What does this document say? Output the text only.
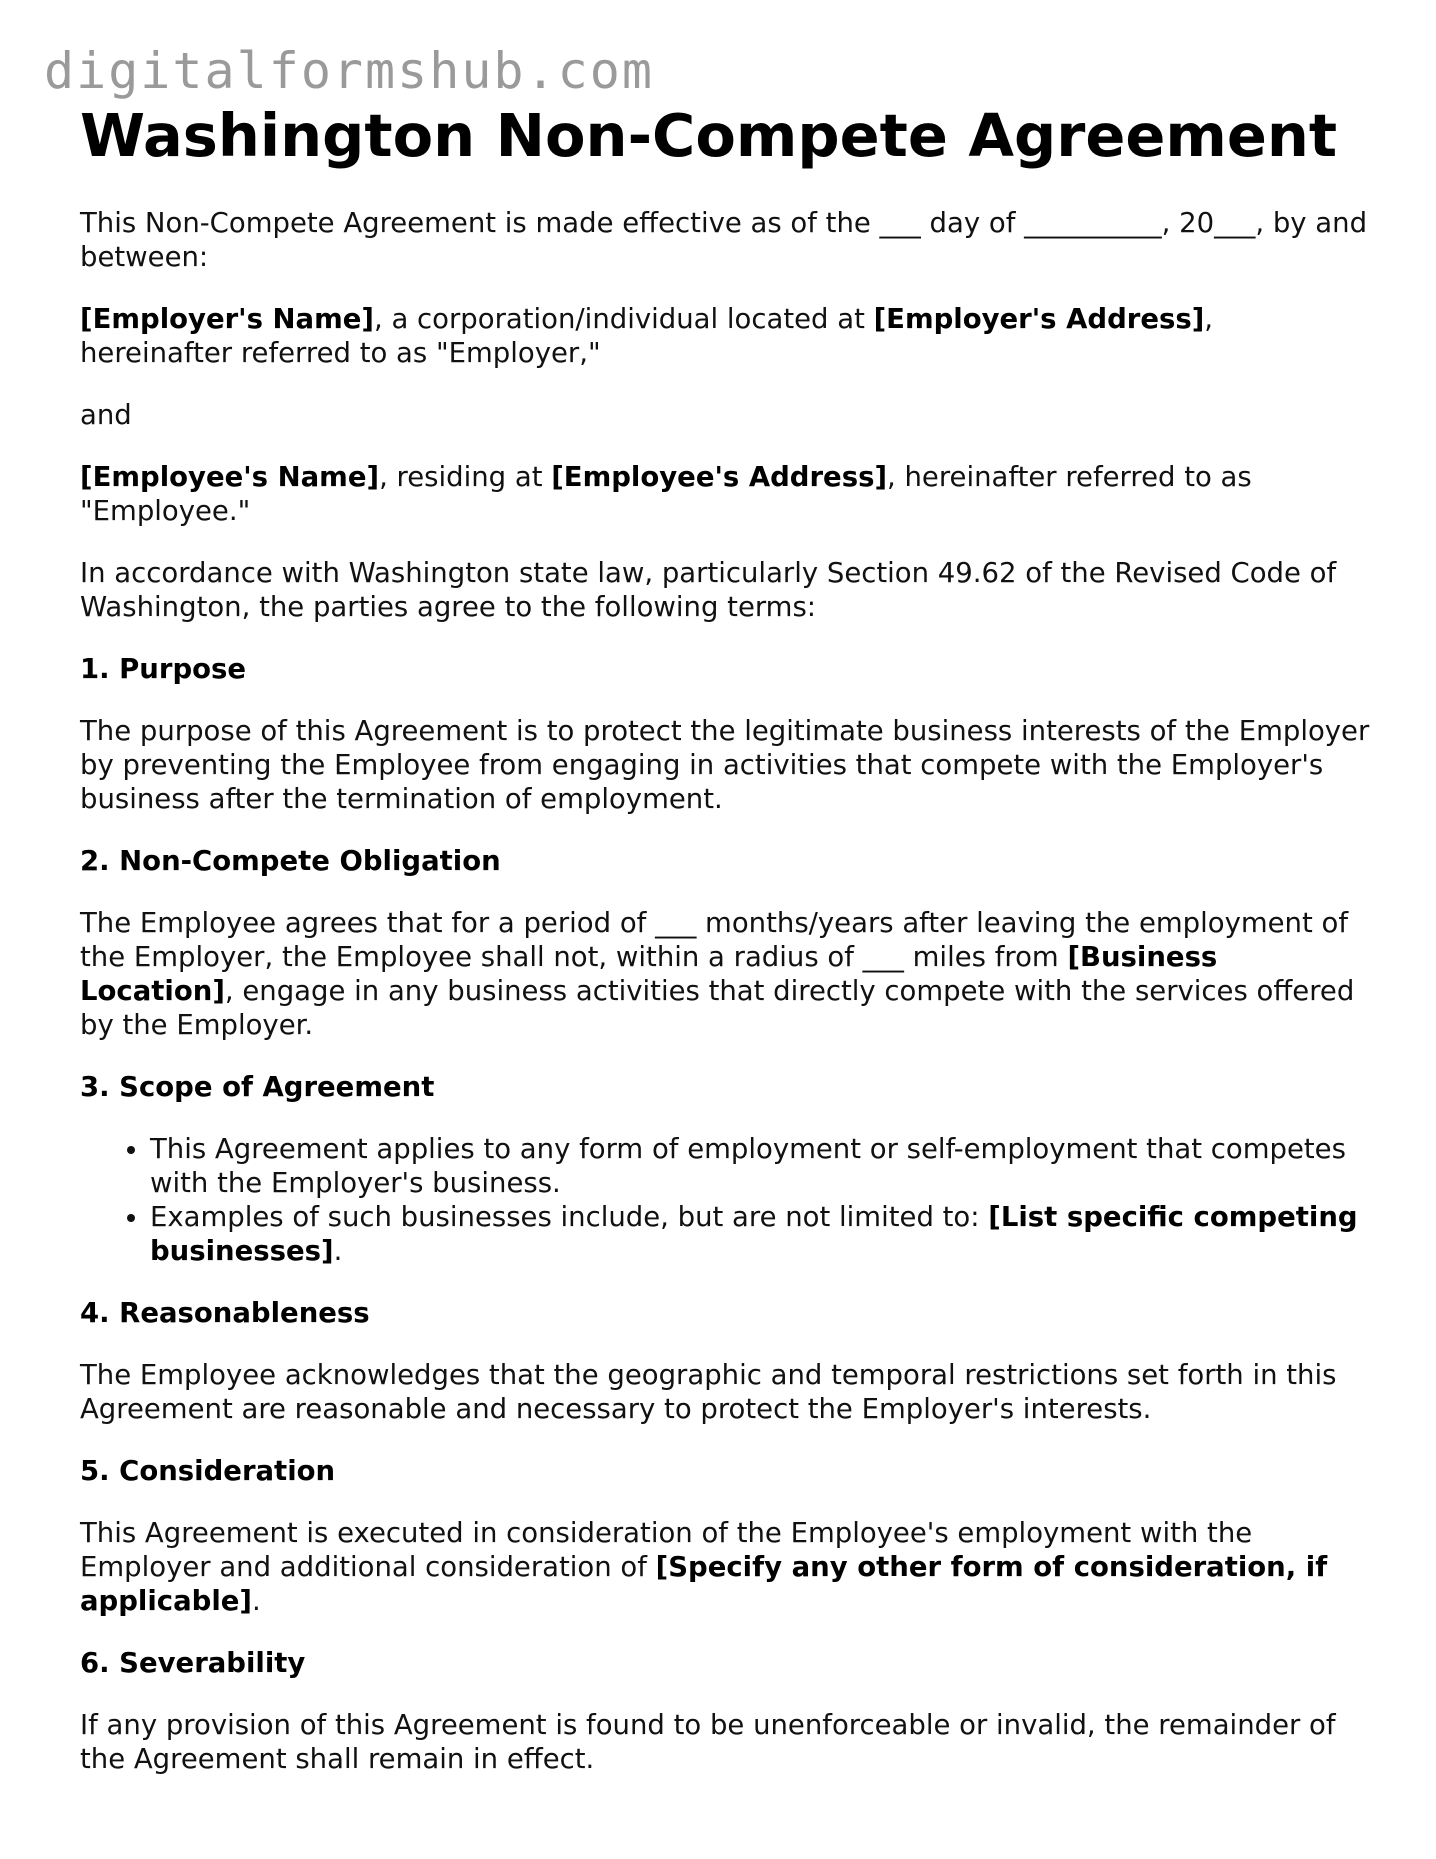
digitalformshub.com
Washington Non-Compete Agreement

This Non-Compete Agreement is made effective as of the ___ day of __________, 20___, by and between:

[Employer's Name], a corporation/individual located at [Employer's Address], hereinafter referred to as "Employer,"

and

[Employee's Name], residing at [Employee's Address], hereinafter referred to as "Employee."

In accordance with Washington state law, particularly Section 49.62 of the Revised Code of Washington, the parties agree to the following terms:

1. Purpose

The purpose of this Agreement is to protect the legitimate business interests of the Employer by preventing the Employee from engaging in activities that compete with the Employer's business after the termination of employment.

2. Non-Compete Obligation

The Employee agrees that for a period of ___ months/years after leaving the employment of the Employer, the Employee shall not, within a radius of ___ miles from [Business Location], engage in any business activities that directly compete with the services offered by the Employer.

3. Scope of Agreement
• This Agreement applies to any form of employment or self-employment that competes with the Employer's business.
• Examples of such businesses include, but are not limited to: [List specific competing businesses].
4. Reasonableness

The Employee acknowledges that the geographic and temporal restrictions set forth in this Agreement are reasonable and necessary to protect the Employer's interests.

5. Consideration

This Agreement is executed in consideration of the Employee's employment with the Employer and additional consideration of [Specify any other form of consideration, if applicable].

6. Severability

If any provision of this Agreement is found to be unenforceable or invalid, the remainder of the Agreement shall remain in effect.
